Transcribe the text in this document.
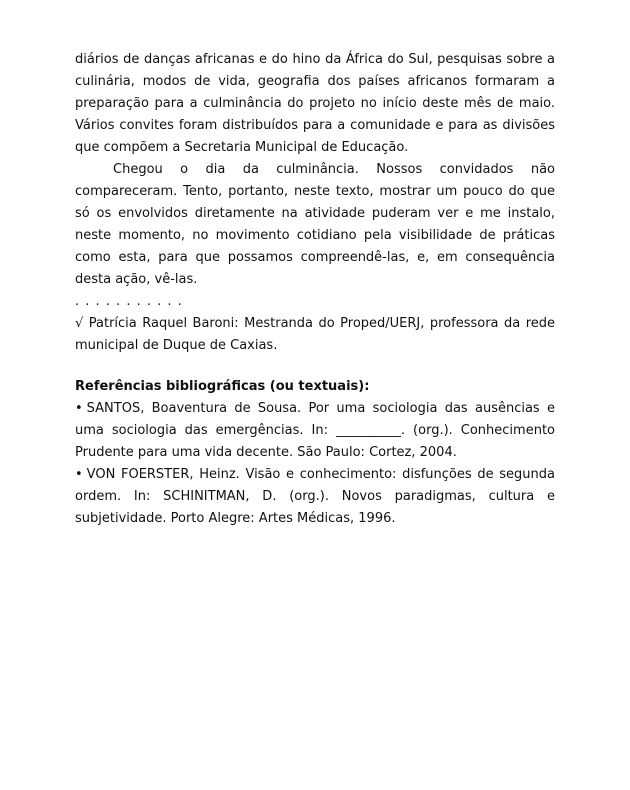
diários de danças africanas e do hino da África do Sul, pesquisas sobre a culinária, modos de vida, geografia dos países africanos formaram a preparação para a culminância do projeto no início deste mês de maio. Vários convites foram distribuídos para a comunidade e para as divisões que compõem a Secretaria Municipal de Educação.

Chegou o dia da culminância. Nossos convidados não compareceram. Tento, portanto, neste texto, mostrar um pouco do que só os envolvidos diretamente na atividade puderam ver e me instalo, neste momento, no movimento cotidiano pela visibilidade de práticas como esta, para que possamos compreendê-las, e, em consequência desta ação, vê-las.

. . . . . . . . . . .

√ Patrícia Raquel Baroni: Mestranda do Proped/UERJ, professora da rede municipal de Duque de Caxias.

Referências bibliográficas (ou textuais):

• SANTOS, Boaventura de Sousa. Por uma sociologia das ausências e uma sociologia das emergências. In: __________. (org.). Conhecimento Prudente para uma vida decente. São Paulo: Cortez, 2004.

• VON FOERSTER, Heinz. Visão e conhecimento: disfunções de segunda ordem. In: SCHINITMAN, D. (org.). Novos paradigmas, cultura e subjetividade. Porto Alegre: Artes Médicas, 1996.
